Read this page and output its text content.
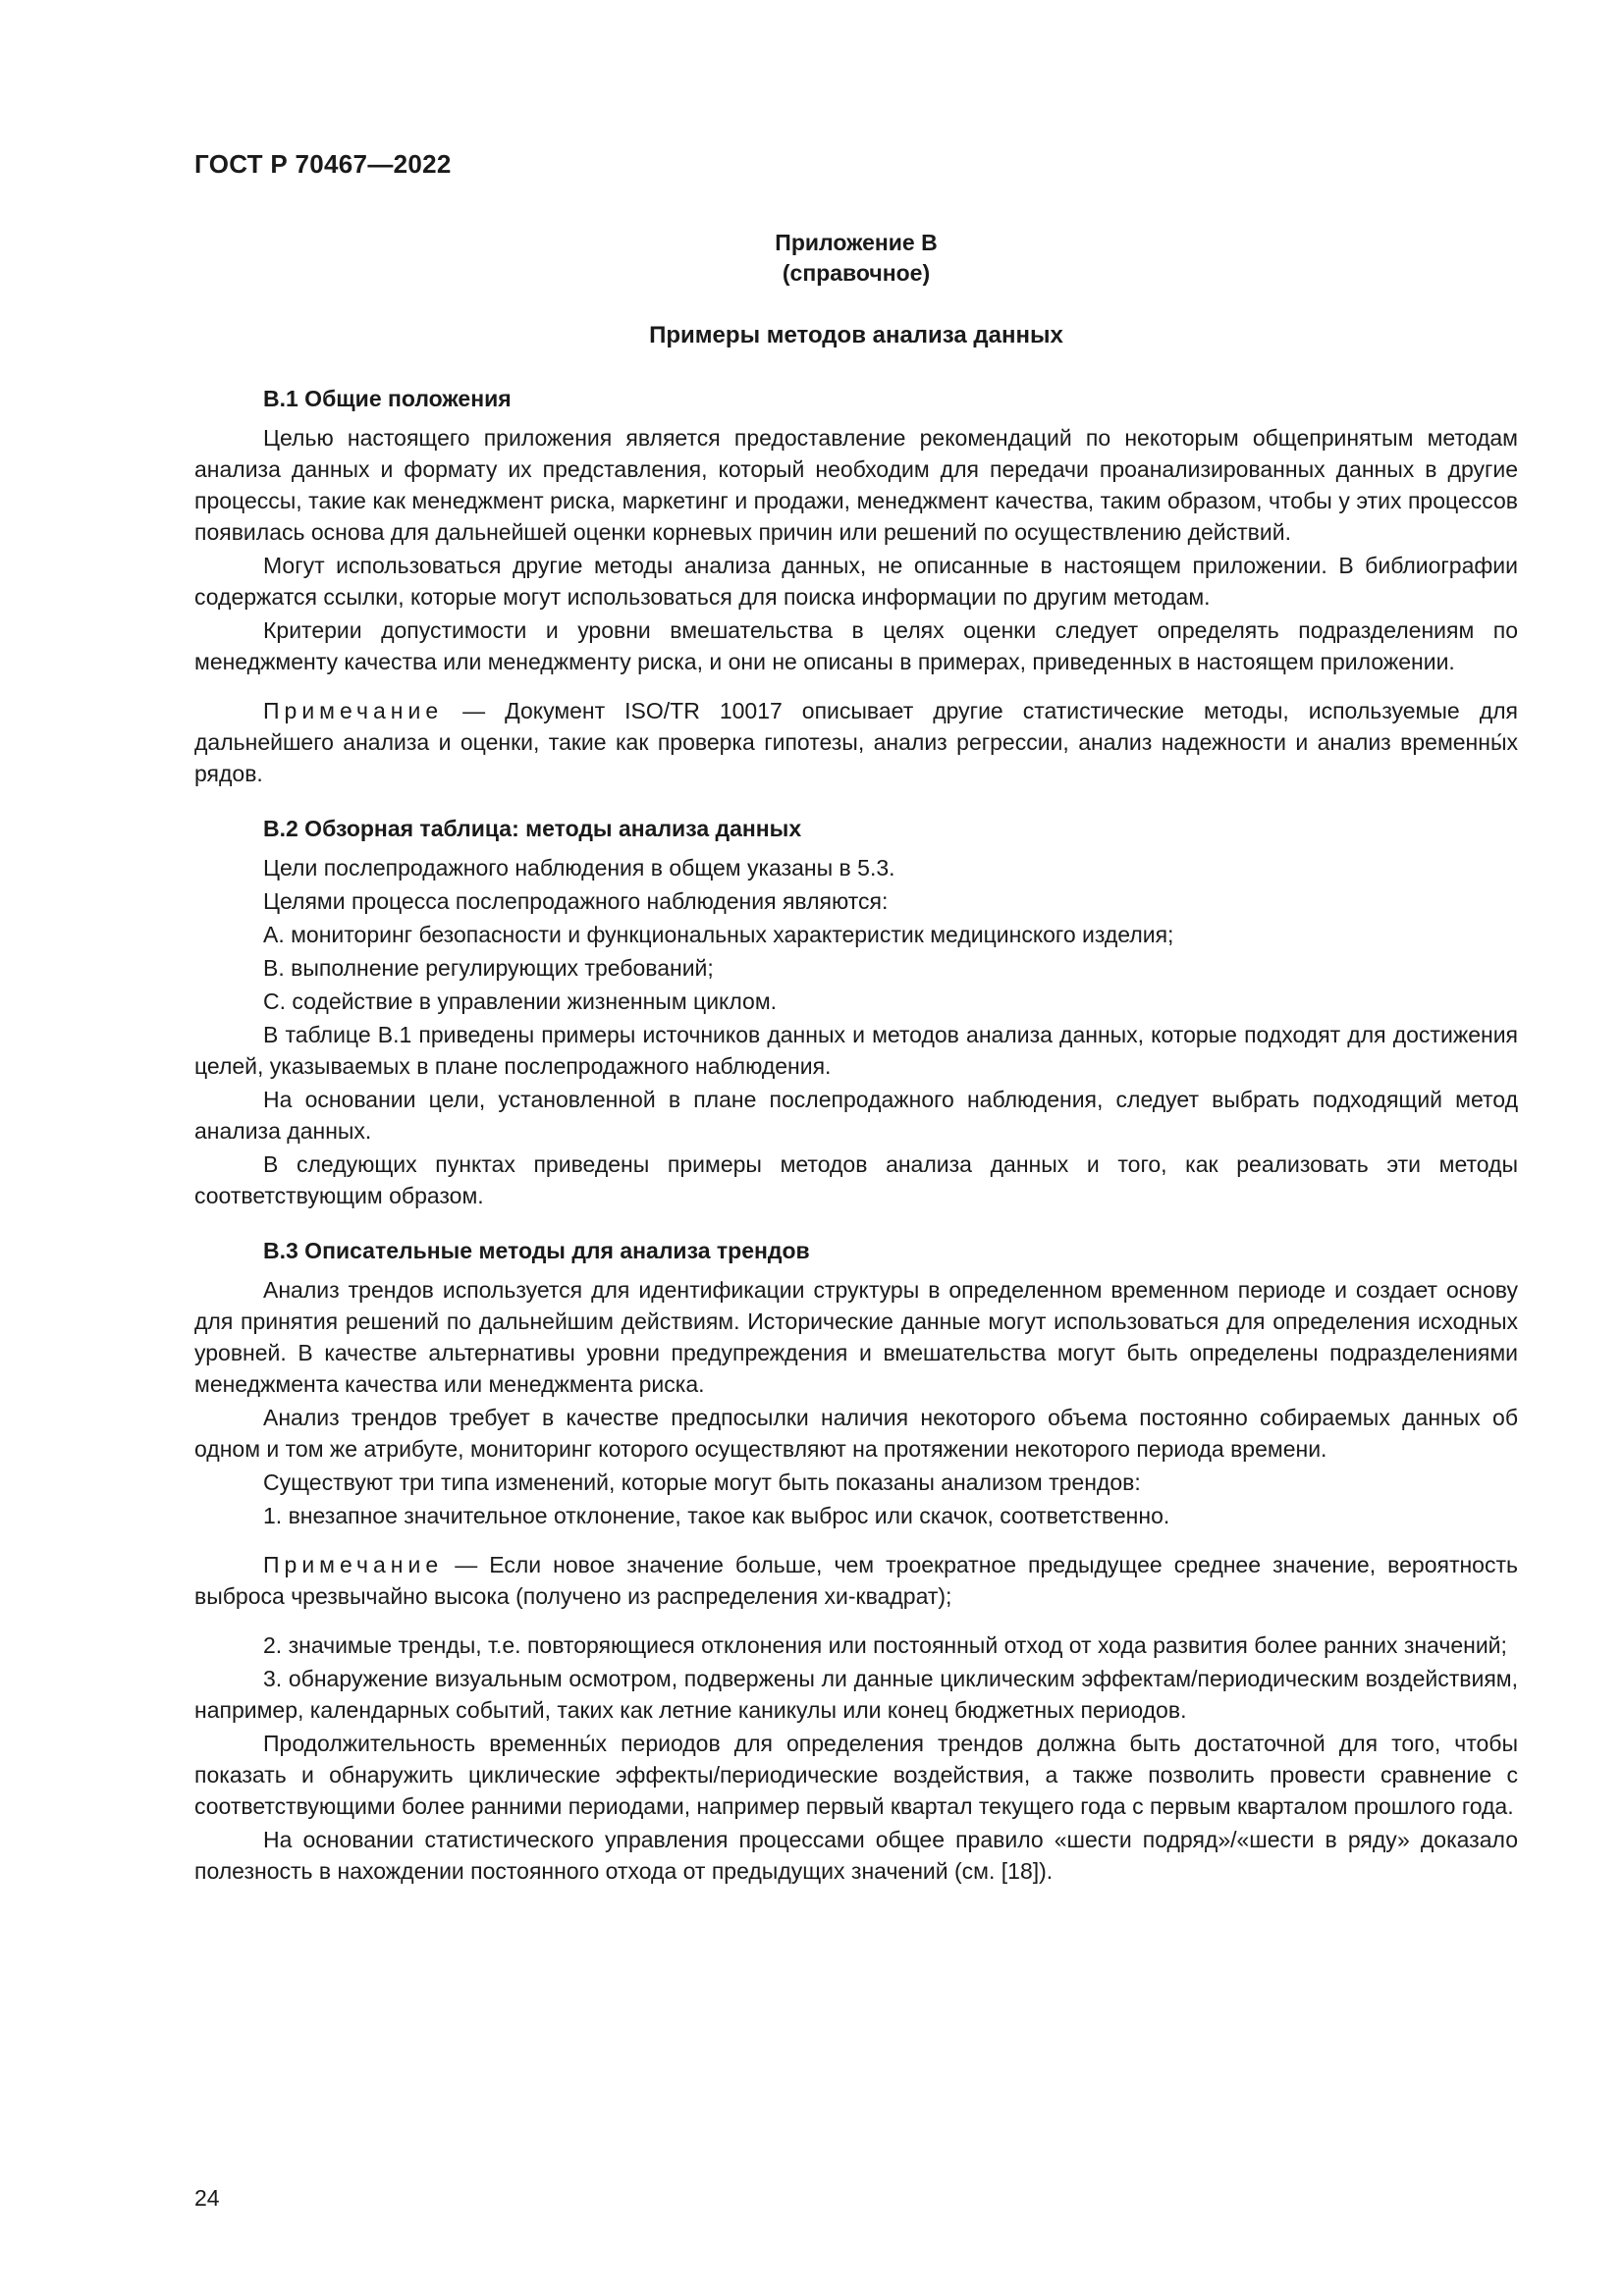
ГОСТ Р 70467—2022
Приложение В
(справочное)
Примеры методов анализа данных
В.1 Общие положения

Целью настоящего приложения является предоставление рекомендаций по некоторым общепринятым методам анализа данных и формату их представления, который необходим для передачи проанализированных данных в другие процессы, такие как менеджмент риска, маркетинг и продажи, менеджмент качества, таким образом, чтобы у этих процессов появилась основа для дальнейшей оценки корневых причин или решений по осуществлению действий.

Могут использоваться другие методы анализа данных, не описанные в настоящем приложении. В библиографии содержатся ссылки, которые могут использоваться для поиска информации по другим методам.

Критерии допустимости и уровни вмешательства в целях оценки следует определять подразделениям по менеджменту качества или менеджменту риска, и они не описаны в примерах, приведенных в настоящем приложении.

Примечание — Документ ISO/TR 10017 описывает другие статистические методы, используемые для дальнейшего анализа и оценки, такие как проверка гипотезы, анализ регрессии, анализ надежности и анализ временны́х рядов.

В.2 Обзорная таблица: методы анализа данных

Цели послепродажного наблюдения в общем указаны в 5.3.

Целями процесса послепродажного наблюдения являются:

A. мониторинг безопасности и функциональных характеристик медицинского изделия;

B. выполнение регулирующих требований;

C. содействие в управлении жизненным циклом.

В таблице В.1 приведены примеры источников данных и методов анализа данных, которые подходят для достижения целей, указываемых в плане послепродажного наблюдения.

На основании цели, установленной в плане послепродажного наблюдения, следует выбрать подходящий метод анализа данных.

В следующих пунктах приведены примеры методов анализа данных и того, как реализовать эти методы соответствующим образом.

В.3 Описательные методы для анализа трендов

Анализ трендов используется для идентификации структуры в определенном временном периоде и создает основу для принятия решений по дальнейшим действиям. Исторические данные могут использоваться для определения исходных уровней. В качестве альтернативы уровни предупреждения и вмешательства могут быть определены подразделениями менеджмента качества или менеджмента риска.

Анализ трендов требует в качестве предпосылки наличия некоторого объема постоянно собираемых данных об одном и том же атрибуте, мониторинг которого осуществляют на протяжении некоторого периода времени.

Существуют три типа изменений, которые могут быть показаны анализом трендов:

1. внезапное значительное отклонение, такое как выброс или скачок, соответственно.

Примечание — Если новое значение больше, чем троекратное предыдущее среднее значение, вероятность выброса чрезвычайно высока (получено из распределения хи-квадрат);

2. значимые тренды, т.е. повторяющиеся отклонения или постоянный отход от хода развития более ранних значений;

3. обнаружение визуальным осмотром, подвержены ли данные циклическим эффектам/периодическим воздействиям, например, календарных событий, таких как летние каникулы или конец бюджетных периодов.

Продолжительность временны́х периодов для определения трендов должна быть достаточной для того, чтобы показать и обнаружить циклические эффекты/периодические воздействия, а также позволить провести сравнение с соответствующими более ранними периодами, например первый квартал текущего года с первым кварталом прошлого года.

На основании статистического управления процессами общее правило «шести подряд»/«шести в ряду» доказало полезность в нахождении постоянного отхода от предыдущих значений (см. [18]).

24
